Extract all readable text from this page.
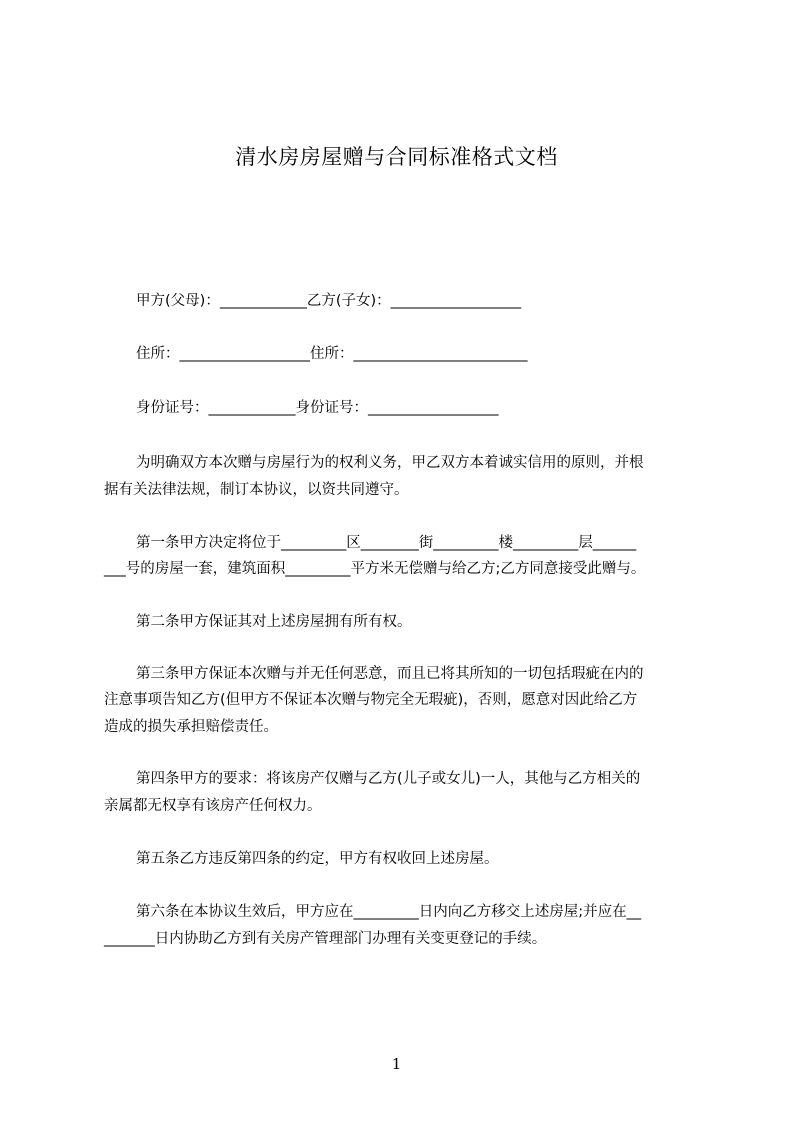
清水房房屋赠与合同标准格式文档
甲方(父母)：____________乙方(子女)：__________________
住所：__________________住所：________________________
身份证号：____________身份证号：__________________
为明确双方本次赠与房屋行为的权利义务，甲乙双方本着诚实信用的原则，并根
据有关法律法规，制订本协议，以资共同遵守。
第一条甲方决定将位于_________区________街_________楼_________层______
___号的房屋一套，建筑面积_________平方米无偿赠与给乙方;乙方同意接受此赠与。
第二条甲方保证其对上述房屋拥有所有权。
第三条甲方保证本次赠与并无任何恶意，而且已将其所知的一切包括瑕疵在内的
注意事项告知乙方(但甲方不保证本次赠与物完全无瑕疵)，否则，愿意对因此给乙方
造成的损失承担赔偿责任。
第四条甲方的要求：将该房产仅赠与乙方(儿子或女儿)一人，其他与乙方相关的
亲属都无权享有该房产任何权力。
第五条乙方违反第四条的约定，甲方有权收回上述房屋。
第六条在本协议生效后，甲方应在_________日内向乙方移交上述房屋;并应在__
_______日内协助乙方到有关房产管理部门办理有关变更登记的手续。
1
